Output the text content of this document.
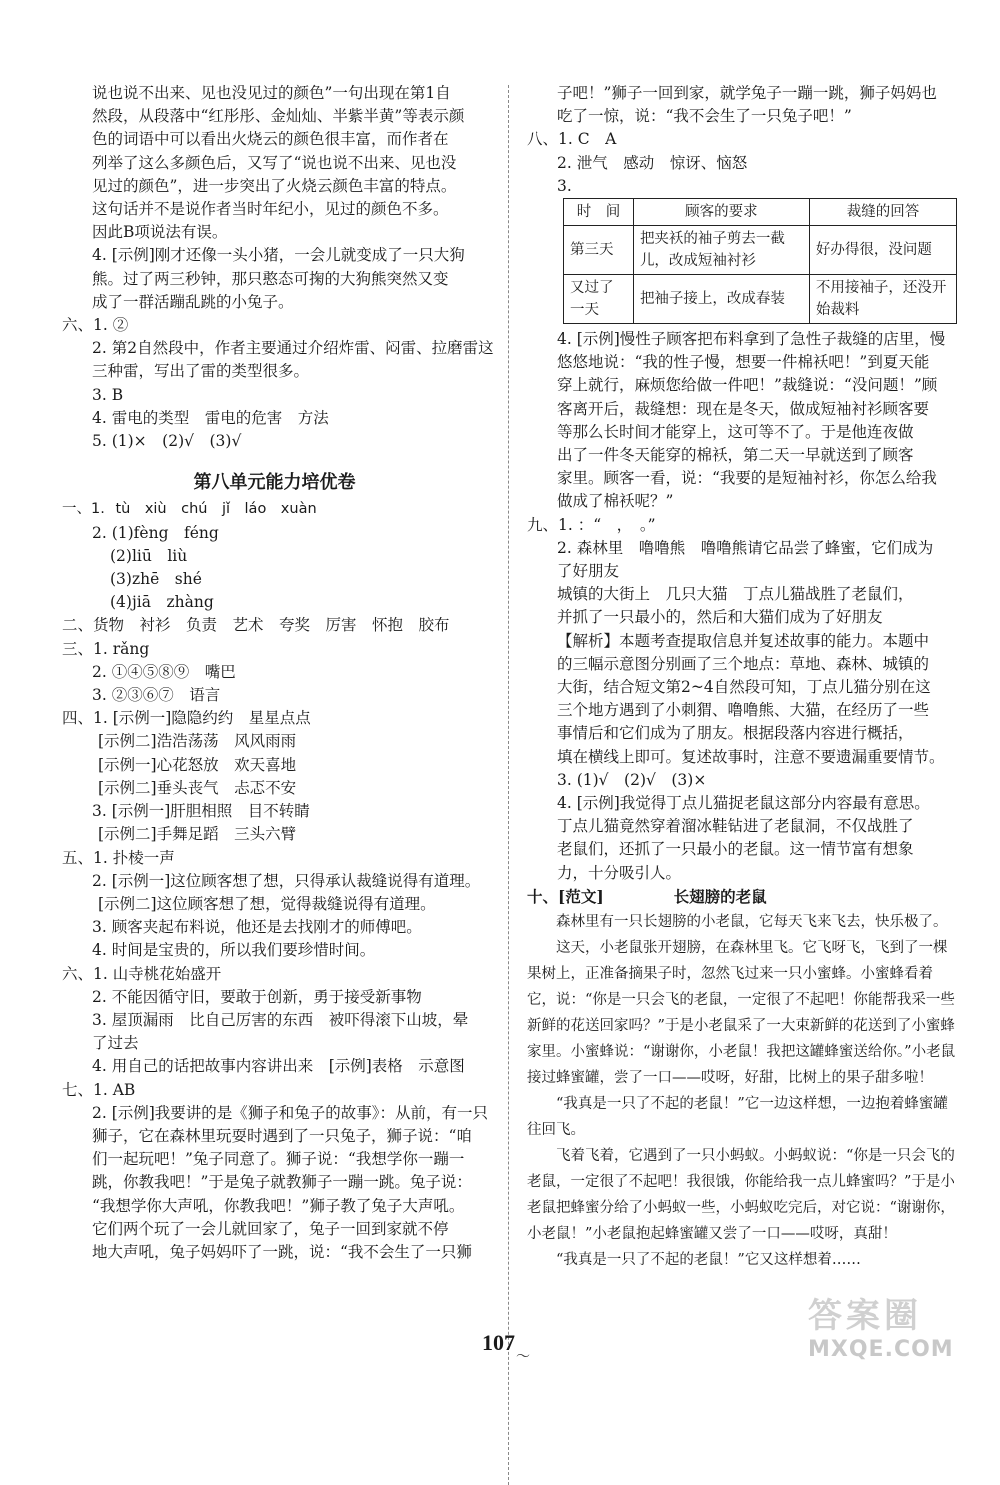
说也说不出来、见也没见过的颜色”一句出现在第1自
然段，从段落中“红彤彤、金灿灿、半紫半黄”等表示颜
色的词语中可以看出火烧云的颜色很丰富，而作者在
列举了这么多颜色后，又写了“说也说不出来、见也没
见过的颜色”，进一步突出了火烧云颜色丰富的特点。
这句话并不是说作者当时年纪小，见过的颜色不多。
因此B项说法有误。
4. [示例]刚才还像一头小猪，一会儿就变成了一只大狗
熊。过了两三秒钟，那只憨态可掬的大狗熊突然又变
成了一群活蹦乱跳的小兔子。
六、1. ②
2. 第2自然段中，作者主要通过介绍炸雷、闷雷、拉磨雷这
三种雷，写出了雷的类型很多。
3. B
4. 雷电的类型　雷电的危害　方法
5. (1)×　(2)√　(3)√
第八单元能力培优卷
一、1. tù　xiù　chú　jǐ　láo　xuàn
2. (1)fèng　féng
(2)liū　liù
(3)zhē　shé
(4)jiā　zhàng
二、货物　衬衫　负责　艺术　夸奖　厉害　怀抱　胶布
三、1. rǎng
2. ①④⑤⑧⑨　嘴巴
3. ②③⑥⑦　语言
四、1. [示例一]隐隐约约　星星点点
[示例二]浩浩荡荡　风风雨雨
[示例一]心花怒放　欢天喜地
[示例二]垂头丧气　忐忑不安
3. [示例一]肝胆相照　目不转睛
[示例二]手舞足蹈　三头六臂
五、1. 扑棱一声
2. [示例一]这位顾客想了想，只得承认裁缝说得有道理。
[示例二]这位顾客想了想，觉得裁缝说得有道理。
3. 顾客夹起布料说，他还是去找刚才的师傅吧。
4. 时间是宝贵的，所以我们要珍惜时间。
六、1. 山寺桃花始盛开
2. 不能因循守旧，要敢于创新，勇于接受新事物
3. 屋顶漏雨　比自己厉害的东西　被吓得滚下山坡，晕
了过去
4. 用自己的话把故事内容讲出来　[示例]表格　示意图
七、1. AB
2. [示例]我要讲的是《狮子和兔子的故事》：从前，有一只
狮子，它在森林里玩耍时遇到了一只兔子，狮子说：“咱
们一起玩吧！”兔子同意了。狮子说：“我想学你一蹦一
跳，你教我吧！”于是兔子就教狮子一蹦一跳。兔子说：
“我想学你大声吼，你教我吧！”狮子教了兔子大声吼。
它们两个玩了一会儿就回家了，兔子一回到家就不停
地大声吼，兔子妈妈吓了一跳，说：“我不会生了一只狮
子吧！”狮子一回到家，就学兔子一蹦一跳，狮子妈妈也
吃了一惊，说：“我不会生了一只兔子吧！”
八、1. C　A
2. 泄气　感动　惊讶、恼怒
3.
时　间	顾客的要求	裁缝的回答
第三天	把夹袄的袖子剪去一截儿，改成短袖衬衫	好办得很，没问题
又过了一天	把袖子接上，改成春装	不用接袖子，还没开始裁料
4. [示例]慢性子顾客把布料拿到了急性子裁缝的店里，慢
悠悠地说：“我的性子慢，想要一件棉袄吧！”到夏天能
穿上就行，麻烦您给做一件吧！”裁缝说：“没问题！”顾
客离开后，裁缝想：现在是冬天，做成短袖衬衫顾客要
等那么长时间才能穿上，这可等不了。于是他连夜做
出了一件冬天能穿的棉袄，第二天一早就送到了顾客
家里。顾客一看，说：“我要的是短袖衬衫，你怎么给我
做成了棉袄呢？”
九、1. ：“　，　。”
2. 森林里　噜噜熊　噜噜熊请它品尝了蜂蜜，它们成为
了好朋友
城镇的大街上　几只大猫　丁点儿猫战胜了老鼠们，
并抓了一只最小的，然后和大猫们成为了好朋友
【解析】本题考查提取信息并复述故事的能力。本题中
的三幅示意图分别画了三个地点：草地、森林、城镇的
大街，结合短文第2~4自然段可知，丁点儿猫分别在这
三个地方遇到了小刺猬、噜噜熊、大猫，在经历了一些
事情后和它们成为了朋友。根据段落内容进行概括，
填在横线上即可。复述故事时，注意不要遗漏重要情节。
3. (1)√　(2)√　(3)×
4. [示例]我觉得丁点儿猫捉老鼠这部分内容最有意思。
丁点儿猫竟然穿着溜冰鞋钻进了老鼠洞，不仅战胜了
老鼠们，还抓了一只最小的老鼠。这一情节富有想象
力，十分吸引人。
十、[范文]	长翅膀的老鼠
森林里有一只长翅膀的小老鼠，它每天飞来飞去，快乐极了。
这天，小老鼠张开翅膀，在森林里飞。它飞呀飞，飞到了一棵果树上，正准备摘果子时，忽然飞过来一只小蜜蜂。小蜜蜂看着它，说：“你是一只会飞的老鼠，一定很了不起吧！你能帮我采一些新鲜的花送回家吗？”于是小老鼠采了一大束新鲜的花送到了小蜜蜂家里。小蜜蜂说：“谢谢你，小老鼠！我把这罐蜂蜜送给你。”小老鼠接过蜂蜜罐，尝了一口——哎呀，好甜，比树上的果子甜多啦！
“我真是一只了不起的老鼠！”它一边这样想，一边抱着蜂蜜罐往回飞。
飞着飞着，它遇到了一只小蚂蚁。小蚂蚁说：“你是一只会飞的老鼠，一定很了不起吧！我很饿，你能给我一点儿蜂蜜吗？”于是小老鼠把蜂蜜分给了小蚂蚁一些，小蚂蚁吃完后，对它说：“谢谢你，小老鼠！”小老鼠抱起蜂蜜罐又尝了一口——哎呀，真甜！
“我真是一只了不起的老鼠！”它又这样想着……
107
〜
答案圈
MXQE.COM
